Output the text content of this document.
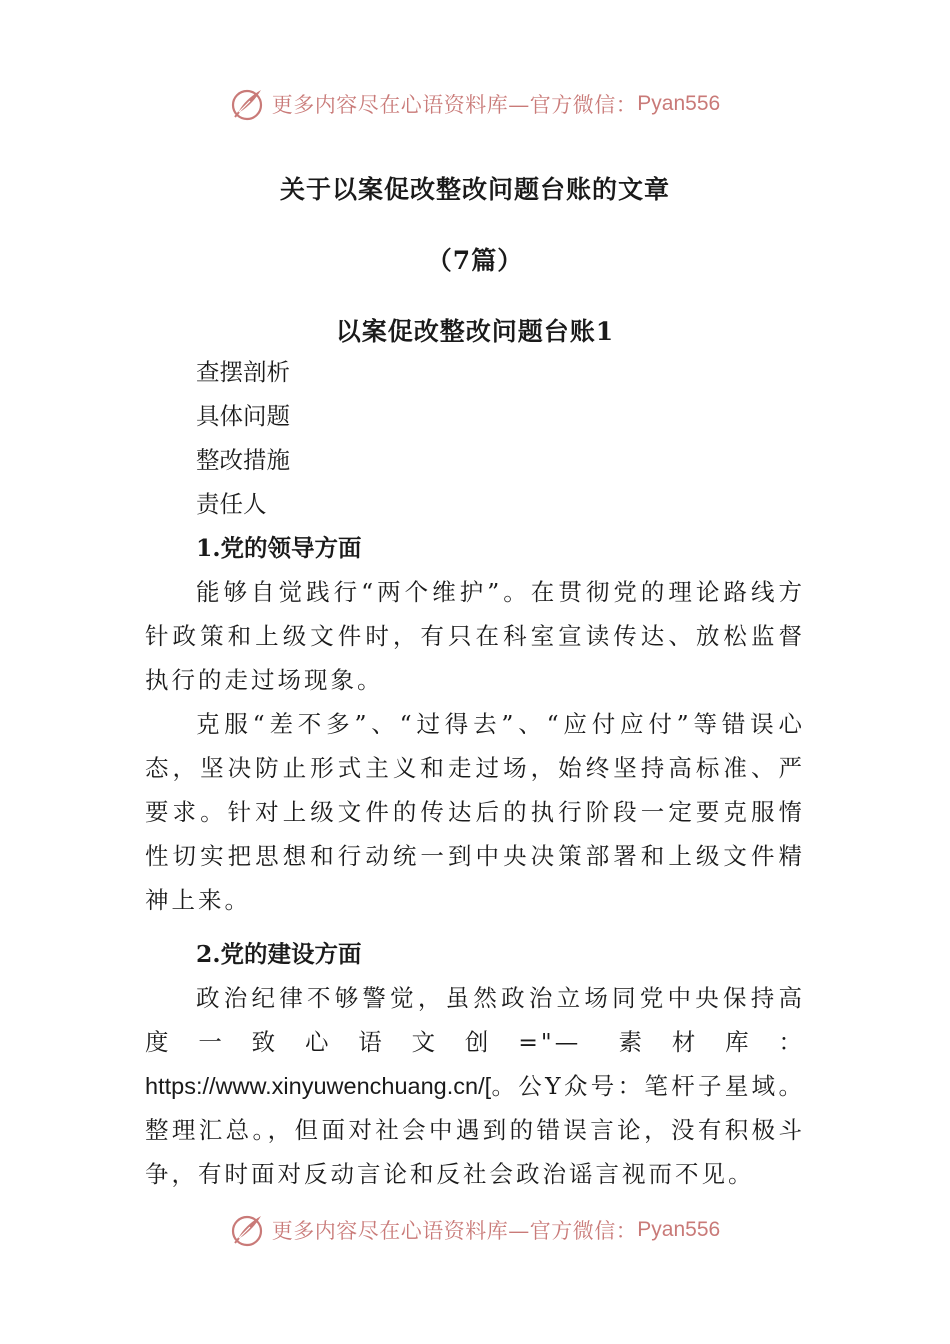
更多内容尽在心语资料库—官方微信： Pyan556
关于以案促改整改问题台账的文章
（7篇）
以案促改整改问题台账1
查摆剖析
具体问题
整改措施
责任人
1.党的领导方面

能够自觉践行“两个维护”。在贯彻党的理论路线方针政策和上级文件时，有只在科室宣读传达、放松监督执行的走过场现象。

克服“差不多”、“过得去”、“应付应付”等错误心态，坚决防止形式主义和走过场，始终坚持高标准、严要求。针对上级文件的传达后的执行阶段一定要克服惰性切实把思想和行动统一到中央决策部署和上级文件精神上来。

2.党的建设方面

政治纪律不够警觉，虽然政治立场同党中央保持高度一致心语文创="— 素材库：https://www.xinyuwenchuang.cn/[。公Y众号：笔杆子星域。整理汇总。，但面对社会中遇到的错误言论，没有积极斗争，有时面对反动言论和反社会政治谣言视而不见。

更多内容尽在心语资料库—官方微信： Pyan556
